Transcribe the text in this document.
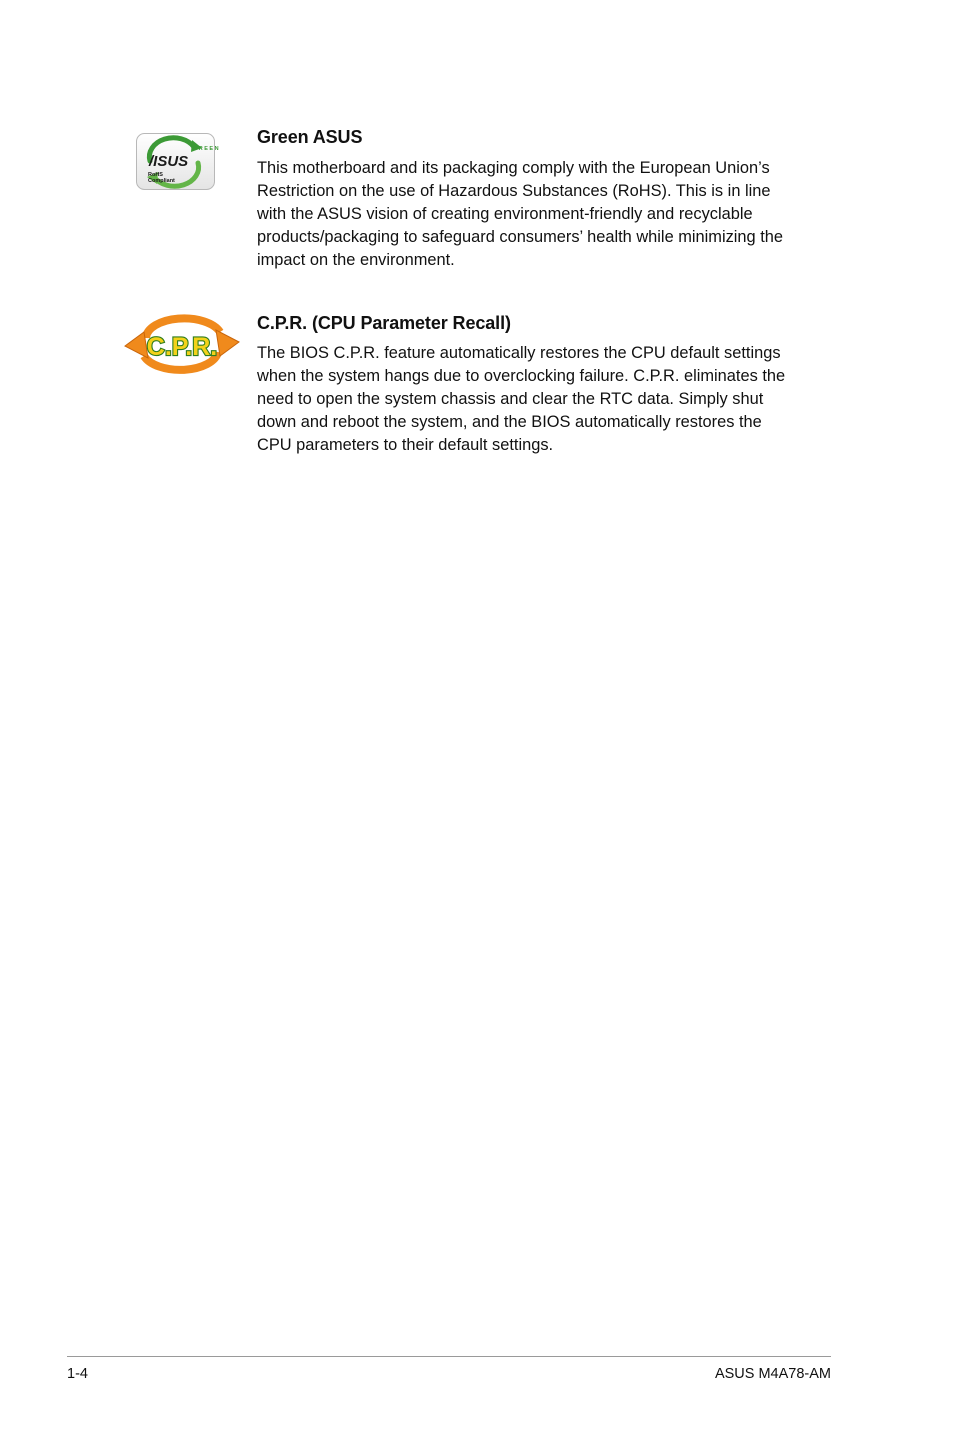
GREEN
/ISUS
RoHS
Compliant
Green ASUS

This motherboard and its packaging comply with the European Union’s
Restriction on the use of Hazardous Substances (RoHS). This is in line
with the ASUS vision of creating environment-friendly and recyclable
products/packaging to safeguard consumers’ health while minimizing the
impact on the environment.

C.P.R.
C.P.R. (CPU Parameter Recall)

The BIOS C.P.R. feature automatically restores the CPU default settings
when the system hangs due to overclocking failure. C.P.R. eliminates the
need to open the system chassis and clear the RTC data. Simply shut
down and reboot the system, and the BIOS automatically restores the
CPU parameters to their default settings.

1-4	ASUS M4A78-AM
